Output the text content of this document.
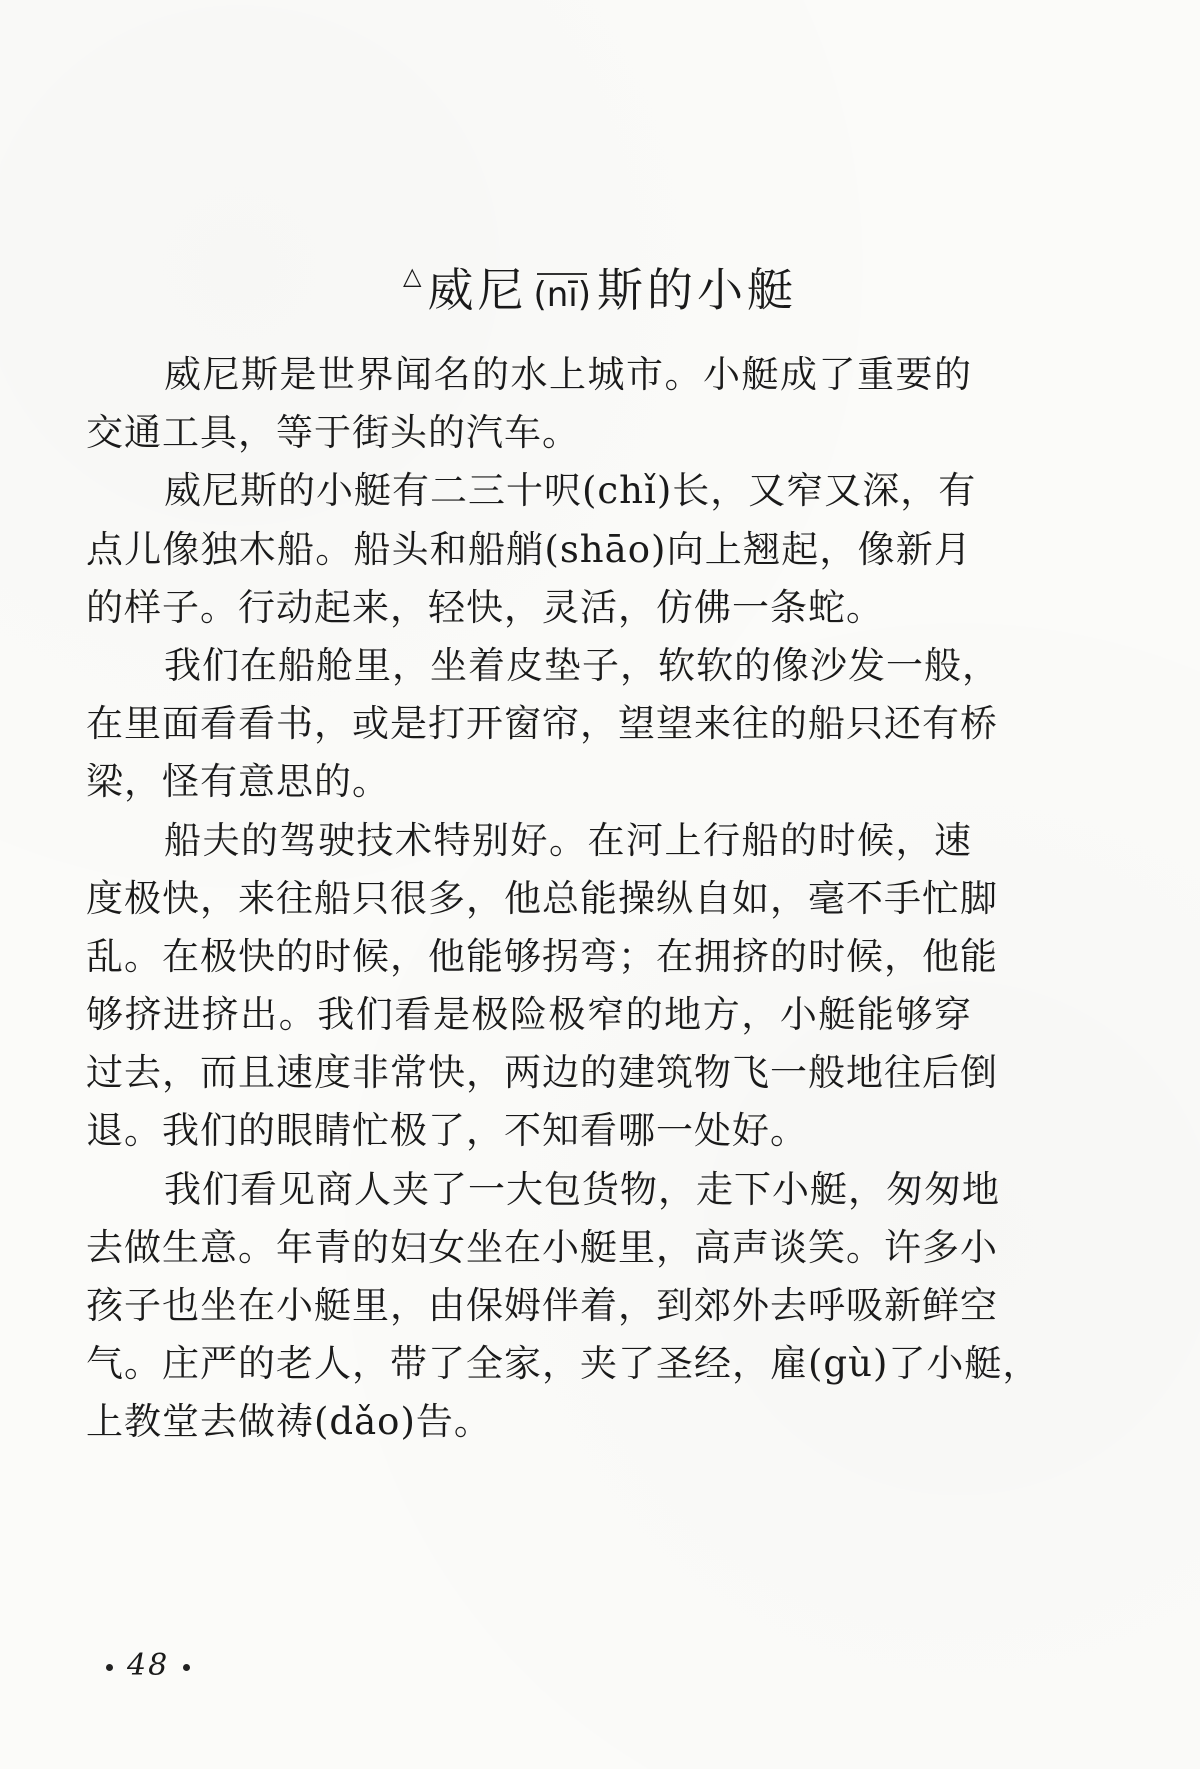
△威尼 (nī) 斯的小艇
威尼斯是世界闻名的水上城市。小艇成了重要的
交通工具，等于街头的汽车。
威尼斯的小艇有二三十呎(chǐ)长，又窄又深，有
点儿像独木船。船头和船艄(shāo)向上翘起，像新月
的样子。行动起来，轻快，灵活，仿佛一条蛇。
我们在船舱里，坐着皮垫子，软软的像沙发一般，
在里面看看书，或是打开窗帘，望望来往的船只还有桥
梁，怪有意思的。
船夫的驾驶技术特别好。在河上行船的时候，速
度极快，来往船只很多，他总能操纵自如，毫不手忙脚
乱。在极快的时候，他能够拐弯；在拥挤的时候，他能
够挤进挤出。我们看是极险极窄的地方，小艇能够穿
过去，而且速度非常快，两边的建筑物飞一般地往后倒
退。我们的眼睛忙极了，不知看哪一处好。
我们看见商人夹了一大包货物，走下小艇，匆匆地
去做生意。年青的妇女坐在小艇里，高声谈笑。许多小
孩子也坐在小艇里，由保姆伴着，到郊外去呼吸新鲜空
气。庄严的老人，带了全家，夹了圣经，雇(gù)了小艇，
上教堂去做祷(dǎo)告。
48
